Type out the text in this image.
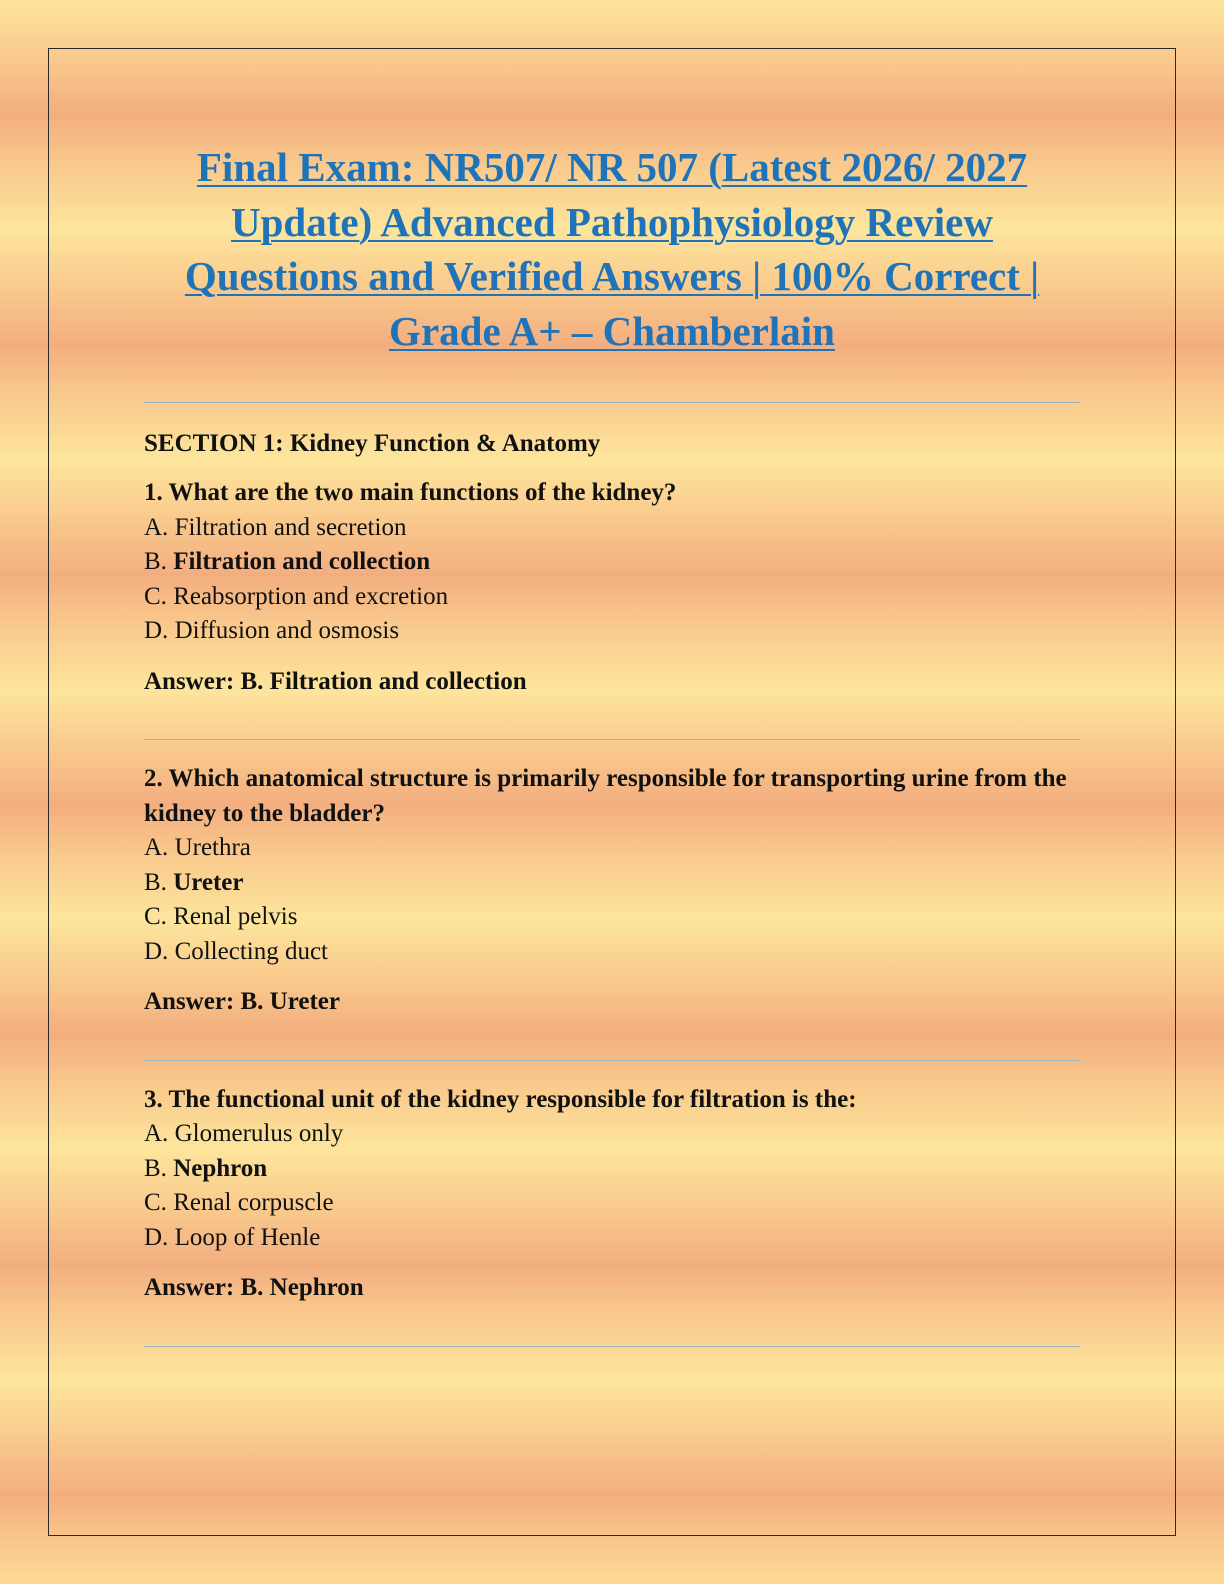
Final Exam: NR507/ NR 507 (Latest 2026/ 2027 Update) Advanced Pathophysiology Review Questions and Verified Answers | 100% Correct | Grade A+ – Chamberlain

SECTION 1: Kidney Function & Anatomy

1. What are the two main functions of the kidney?

A. Filtration and secretion

B. Filtration and collection

C. Reabsorption and excretion

D. Diffusion and osmosis

Answer: B. Filtration and collection

2. Which anatomical structure is primarily responsible for transporting urine from the kidney to the bladder?

A. Urethra

B. Ureter

C. Renal pelvis

D. Collecting duct

Answer: B. Ureter

3. The functional unit of the kidney responsible for filtration is the:

A. Glomerulus only

B. Nephron

C. Renal corpuscle

D. Loop of Henle

Answer: B. Nephron
